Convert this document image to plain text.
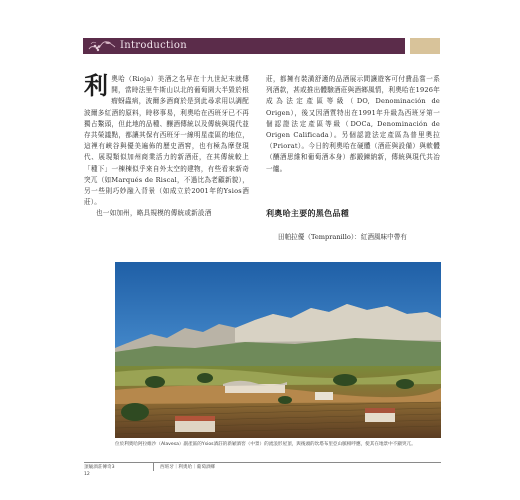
Introduction

利奧哈（Rioja）美酒之名早在十九世紀末就傳開，當時法里牛斯山以北的葡萄園大半毀於根瘤蚜蟲病，波爾多酒商於是到此尋求用以調配波爾多紅酒的原料，時移事易，利奧哈在西班牙已不再獨占鰲頭，但此地的品種、釀酒傳統以及傳統與現代並存共榮議點，都讓其保有西班牙一線明星產區的地位，這裡有峽谷與優美遍佈的歷史酒窖，也有極為摩登現代、展現類似加州商業活力的新酒莊，在其傳統較上「種下」一棟棟似乎來自外太空的建物，有些看來新奇突兀（如Marqués de Riscal，不過比為老顧新貌），另一些則巧妙融入背景（如成立於2001年的Ysios酒莊）。

也一如加州，略具規模的傳統或新設酒

莊，都擁有裝潢舒適的品酒展示間讓遊客可付費品嘗一系列酒款，甚或推出體驗酒莊與酒鄉風情，利奧哈在1926年成為法定產區等級（DO, Denominación de Origen），後又因酒質特出在1991年升級為西班牙第一個認證法定產區等級（DOCa, Denominación de Origen Calificada）。另個認證法定產區為普里奧拉（Priorat）。今日的利奧哈在硬體（酒莊與設備）與軟體（釀酒思維和葡萄酒本身）都鍛鍊納新，傳統與現代共冶一爐。

利奧哈主要的黑色品種
田帕拉優（Tempranillo）：紅酒風味中帶有
位於利奧哈阿拉維沙（Alavesa）副產區的Ysios酒莊的新穎酒窖（中景）的流浪形屋頂，與後頭的坎塔布里亞山脈相呼應，使其在地景中不顯突兀。
頂級酒莊傳奇3
12
西班牙｜利奧哈｜葡萄酒鄉
